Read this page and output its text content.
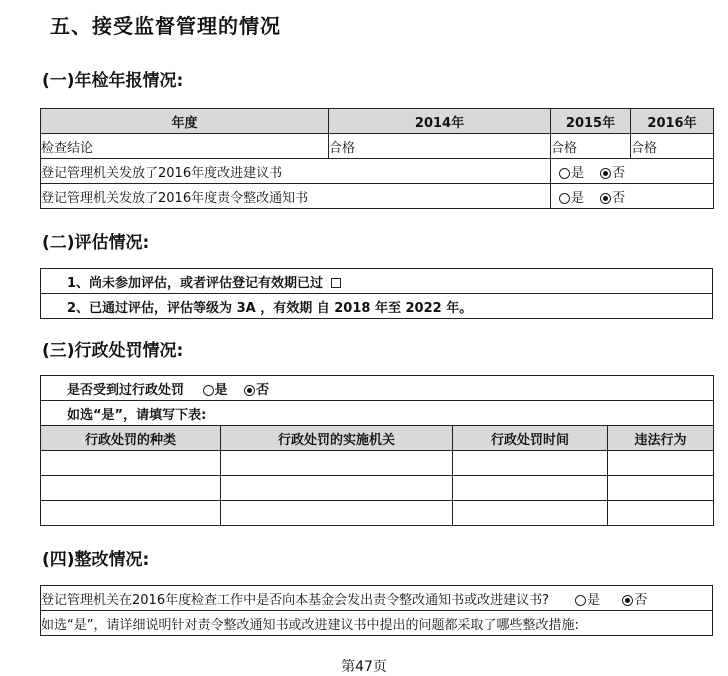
五、接受监督管理的情况
(一)年检年报情况:
年度	2014年	2015年	2016年
检查结论	合格	合格	合格
登记管理机关发放了2016年度改进建议书		是 否	
登记管理机关发放了2016年度责令整改通知书		是 否	
(二)评估情况:
1、尚未参加评估，或者评估登记有效期已过
2、已通过评估，评估等级为 3A ，有效期 自 2018 年至 2022 年。
(三)行政处罚情况:
是否受到过行政处罚 是 否			
如选“是”，请填写下表:			
行政处罚的种类	行政处罚的实施机关	行政处罚时间	违法行为

(四)整改情况:
登记管理机关在2016年度检查工作中是否向本基金会发出责令整改通知书或改进建议书?	是	否
如选“是”，请详细说明针对责令整改通知书或改进建议书中提出的问题都采取了哪些整改措施:
第47页
